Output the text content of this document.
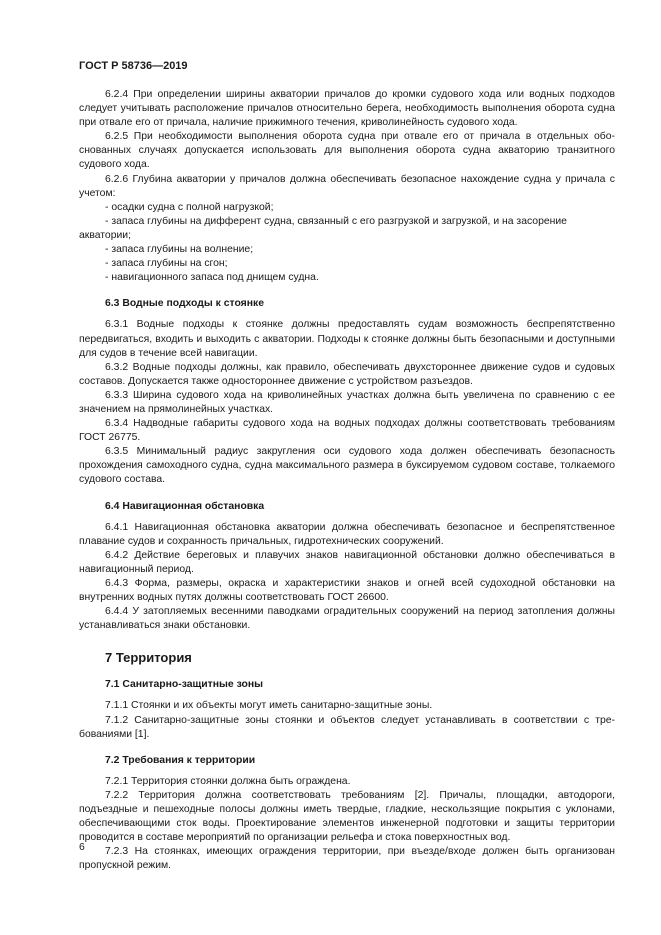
ГОСТ Р 58736—2019
6.2.4 При определении ширины акватории причалов до кромки судового хода или водных подходов следует учитывать расположение причалов относительно берега, необходимость выполнения оборота судна при отвале его от причала, наличие прижимного течения, криволинейность судового хода.
6.2.5 При необходимости выполнения оборота судна при отвале его от причала в отдельных обоснованных случаях допускается использовать для выполнения оборота судна акваторию транзитного судового хода.
6.2.6 Глубина акватории у причалов должна обеспечивать безопасное нахождение судна у причала с учетом:
- осадки судна с полной нагрузкой;
- запаса глубины на дифферент судна, связанный с его разгрузкой и загрузкой, и на засорение акватории;
- запаса глубины на волнение;
- запаса глубины на сгон;
- навигационного запаса под днищем судна.
6.3 Водные подходы к стоянке
6.3.1 Водные подходы к стоянке должны предоставлять судам возможность беспрепятственно передвигаться, входить и выходить с акватории. Подходы к стоянке должны быть безопасными и доступными для судов в течение всей навигации.
6.3.2 Водные подходы должны, как правило, обеспечивать двухстороннее движение судов и судовых составов. Допускается также одностороннее движение с устройством разъездов.
6.3.3 Ширина судового хода на криволинейных участках должна быть увеличена по сравнению с ее значением на прямолинейных участках.
6.3.4 Надводные габариты судового хода на водных подходах должны соответствовать требованиям ГОСТ 26775.
6.3.5 Минимальный радиус закругления оси судового хода должен обеспечивать безопасность прохождения самоходного судна, судна максимального размера в буксируемом судовом составе, толкаемого судового состава.
6.4 Навигационная обстановка
6.4.1 Навигационная обстановка акватории должна обеспечивать безопасное и беспрепятственное плавание судов и сохранность причальных, гидротехнических сооружений.
6.4.2 Действие береговых и плавучих знаков навигационной обстановки должно обеспечиваться в навигационный период.
6.4.3 Форма, размеры, окраска и характеристики знаков и огней всей судоходной обстановки на внутренних водных путях должны соответствовать ГОСТ 26600.
6.4.4 У затопляемых весенними паводками оградительных сооружений на период затопления должны устанавливаться знаки обстановки.
7 Территория
7.1 Санитарно-защитные зоны
7.1.1 Стоянки и их объекты могут иметь санитарно-защитные зоны.
7.1.2 Санитарно-защитные зоны стоянки и объектов следует устанавливать в соответствии с требованиями [1].
7.2 Требования к территории
7.2.1 Территория стоянки должна быть ограждена.
7.2.2 Территория должна соответствовать требованиям [2]. Причалы, площадки, автодороги, подъездные и пешеходные полосы должны иметь твердые, гладкие, нескользящие покрытия с уклонами, обеспечивающими сток воды. Проектирование элементов инженерной подготовки и защиты территории проводится в составе мероприятий по организации рельефа и стока поверхностных вод.
7.2.3 На стоянках, имеющих ограждения территории, при въезде/входе должен быть организован пропускной режим.
6
